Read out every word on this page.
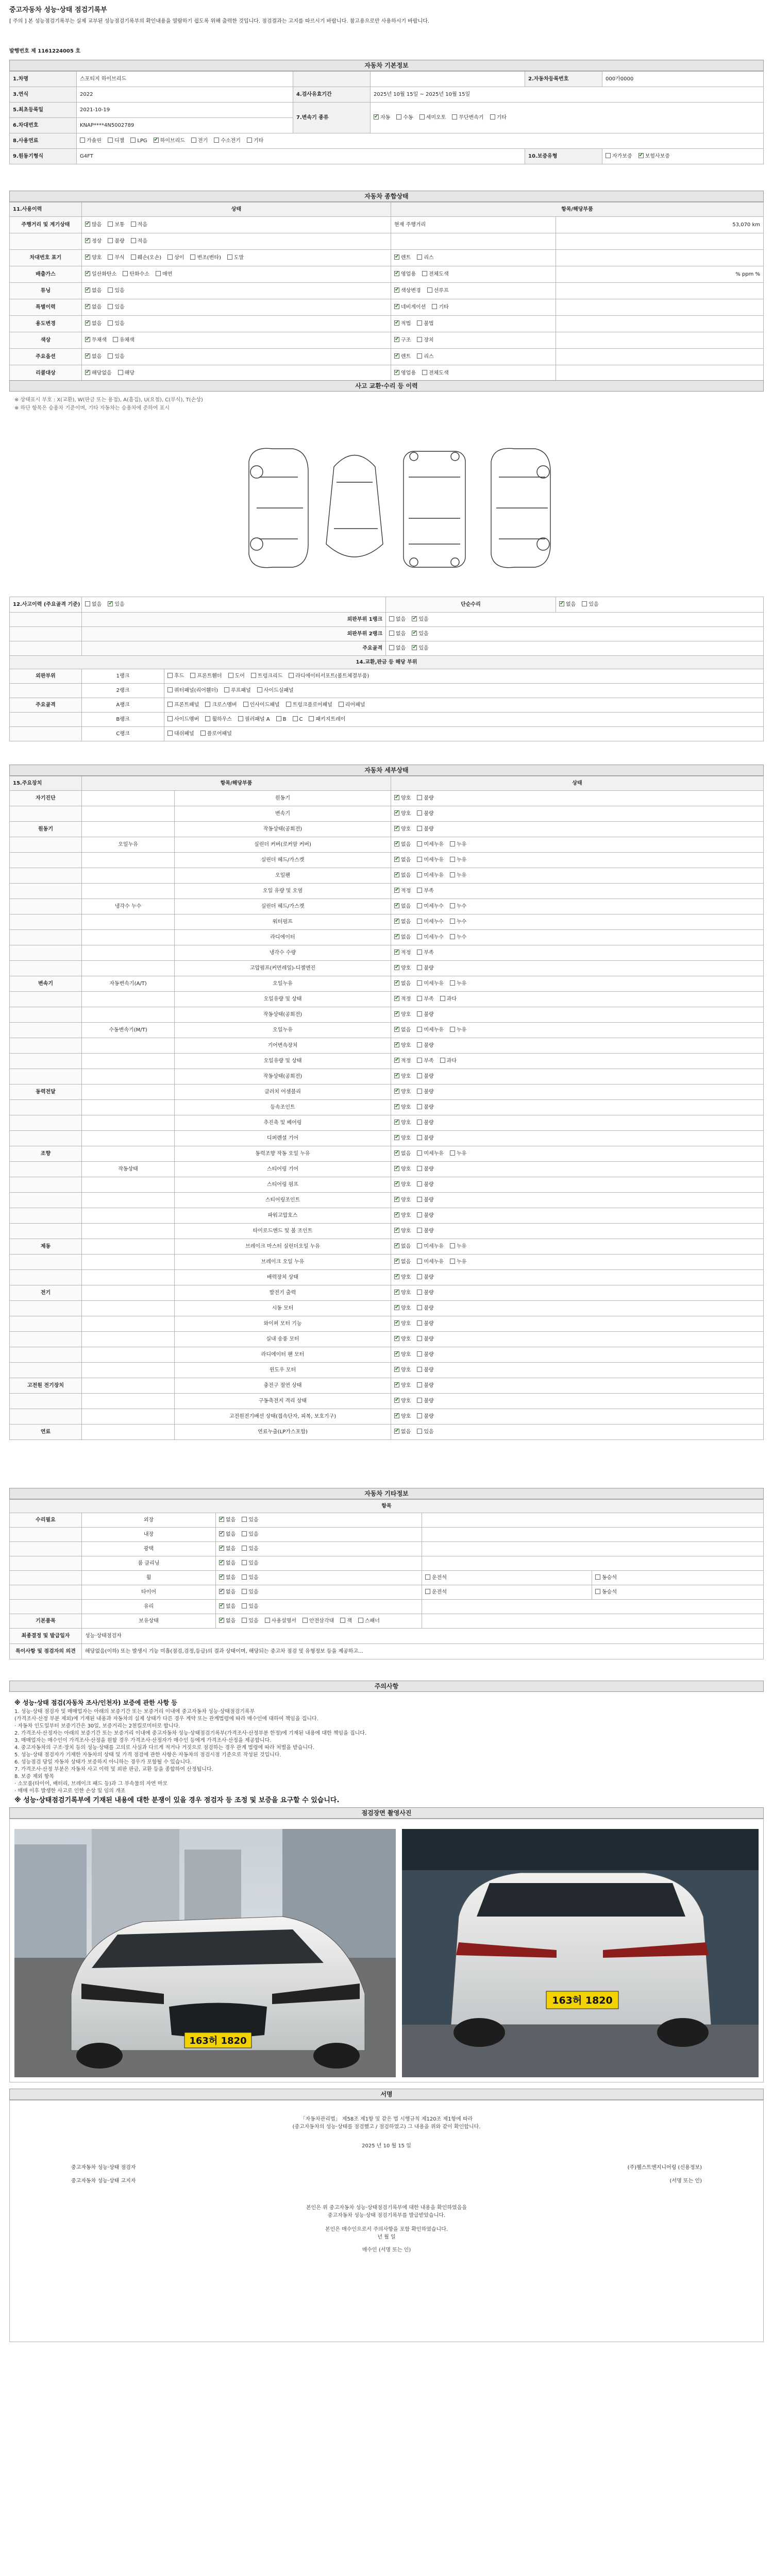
중고자동차 성능·상태 점검기록부
[ 주의 ] 본 성능점검기록부는 실제 교부된 성능점검기록부의 확인내용을 열람하기 쉽도록 위해 출력한 것입니다. 점검결과는 고지를 따르시기 바랍니다. 참고용으로만 사용하시기 바랍니다.
발행번호 제 1161224005 호
자동차 기본정보
1.차명	스포티지 하이브리드			2.자동차등록번호	000가0000
3.연식	2022	4.검사유효기간	2025년 10월 15일 ~ 2025년 10월 15일		
5.최초등록일	2021-10-19	7.변속기 종류	✔자동 수동 세미오토 무단변속기 기타
6.차대번호	KNAP****4N5002789				
8.사용연료	가솔린 디젤 LPG ✔ 하이브리드 전기 수소전기 기타
9.원동기형식	G4FT			10.보증유형	자가보증 ✔ 보험사보증
자동차 종합상태
11.사용이력	상태	항목/해당부품	
주행거리 및 계기상태	✔많음 보통 적음	현재 주행거리	53,070 km
	✔정상 불량 적음		
차대번호 표기	✔양호 부식 훼손(오손) 상이 변조(변타) 도말	✔렌트 리스	
배출가스	✔일산화탄소 탄화수소 매연	✔영업용 전체도색	% ppm %
튜닝	✔없음 있음	✔색상변경 선루프	
특별이력	✔없음 있음	✔네비게이션 기타	
용도변경	✔없음 있음	✔적법 불법	
색상	✔무채색 유채색	✔구조 장치	
주요옵션	✔없음 있음	✔렌트 리스	
리콜대상	✔해당없음 해당	✔영업용 전체도색	
사고 교환·수리 등 이력
※ 상태표시 부호 : X(교환), W(판금 또는 용접), A(흠집), U(요철), C(부식), T(손상)
※ 하단 항목은 승용차 기준이며, 기타 자동차는 승용차에 준하여 표시
12.사고이력 (주요골격 기준)	없음 ✔ 있음		단순수리	✔없음 있음
	외판부위 1랭크		없음 ✔ 있음
	외판부위 2랭크		없음 ✔ 있음
	주요골격		없음 ✔ 있음
14.교환,판금 등 해당 부위				
외판부위	1랭크	후드 프론트휀더 도어 트렁크리드 라디에이터서포트(볼트체결부품)		
	2랭크	쿼터패널(리어휀더) 루프패널 사이드실패널		
주요골격	A랭크	프론트패널 크로스멤버 인사이드패널 트렁크플로어패널 리어패널		
	B랭크	사이드멤버 휠하우스 필러패널 A B C 패키지트레이		
	C랭크	대쉬패널 플로어패널		
자동차 세부상태
15.주요장치	항목/해당부품		상태
자기진단		원동기	✔양호 불량
		변속기	✔양호 불량
원동기		작동상태(공회전)	✔양호 불량
	오일누유	실린더 커버(로커암 커버)	✔없음 미세누유 누유
		실린더 헤드/가스켓	✔없음 미세누유 누유
		오일팬	✔없음 미세누유 누유
		오일 유량 및 오염	✔적정 부족
	냉각수 누수	실린더 헤드/가스켓	✔없음 미세누수 누수
		워터펌프	✔없음 미세누수 누수
		라디에이터	✔없음 미세누수 누수
		냉각수 수량	✔적정 부족
		고압펌프(커먼레일)-디젤엔진	✔양호 불량
변속기	자동변속기(A/T)	오일누유	✔없음 미세누유 누유
		오일유량 및 상태	✔적정 부족 과다
		작동상태(공회전)	✔양호 불량
	수동변속기(M/T)	오일누유	✔없음 미세누유 누유
		기어변속장치	✔양호 불량
		오일유량 및 상태	✔적정 부족 과다
		작동상태(공회전)	✔양호 불량
동력전달		클러치 어셈블리	✔양호 불량
		등속조인트	✔양호 불량
		추진축 및 베어링	✔양호 불량
		디퍼렌셜 기어	✔양호 불량
조향		동력조향 작동 오일 누유	✔없음 미세누유 누유
	작동상태	스티어링 기어	✔양호 불량
		스티어링 펌프	✔양호 불량
		스티어링조인트	✔양호 불량
		파워고압호스	✔양호 불량
		타이로드엔드 및 볼 조인트	✔양호 불량
제동		브레이크 마스터 실린더오일 누유	✔없음 미세누유 누유
		브레이크 오일 누유	✔없음 미세누유 누유
		배력장치 상태	✔양호 불량
전기		발전기 출력	✔양호 불량
		시동 모터	✔양호 불량
		와이퍼 모터 기능	✔양호 불량
		실내 송풍 모터	✔양호 불량
		라디에이터 팬 모터	✔양호 불량
		윈도우 모터	✔양호 불량
고전원 전기장치		충전구 절연 상태	✔양호 불량
		구동축전지 격리 상태	✔양호 불량
		고전원전기배선 상태(접속단자, 피복, 보호기구)	✔양호 불량
연료		연료누출(LP가스포함)	✔없음 있음
자동차 기타정보
항목				
수리필요	외장	✔없음 있음	
	내장	✔없음 있음	
	광택	✔없음 있음	
	룸 클리닝	✔없음 있음	
	휠	✔없음 있음	운전석	동승석
	타이어	✔없음 있음	운전석	동승석
	유리	✔없음 있음	
기본품목	보유상태	✔없음 있음 사용설명서 안전삼각대 잭 스패너	
최종결정 및 발급일자	성능·상태점검자			
특이사항 및 점검자의 의견	해당없음(이하) 또는 발생시 기능 미흡(점검,검정,등급)의 결과 상태이며, 해당되는 중고차 점검 및 유형정보 등을 제공하고...			
주의사항
※ 성능·상태 점검(자동차 조사/인천자) 보증에 관한 사항 등
1. 성능·상태 점검자 및 매매업자는 아래의 보증기간 또는 보증거리 이내에 중고자동차 성능·상태점검기록부
(가격조사·산정 부분 제외)에 기재된 내용과 자동차의 실제 상태가 다른 경우 계약 또는 관계법령에 따라 매수인에 대하여 책임을 집니다.
· 자동차 인도일부터 보증기간은 30일, 보증거리는 2천킬로미터로 합니다.
2. 가격조사·산정자는 아래의 보증기간 또는 보증거리 이내에 중고자동차 성능·상태점검기록부(가격조사·산정부분 한정)에 기재된 내용에 대한 책임을 집니다.
3. 매매업자는 매수인이 가격조사·산정을 원할 경우 가격조사·산정자가 매수인 등에게 가격조사·산정을 제공합니다.
4. 중고자동차의 구조·장치 등의 성능·상태를 고의로 사실과 다르게 적거나 거짓으로 점검하는 경우 관계 법령에 따라 처벌을 받습니다.
5. 성능·상태 점검자가 기재한 자동차의 상태 및 가격 점검에 관한 사항은 자동차의 점검시점 기준으로 작성된 것입니다.
6. 성능점검 당일 자동차 상태가 보증하지 아니하는 경우가 포함될 수 있습니다.
7. 가격조사·산정 부분은 자동차 사고 이력 및 외판 판금, 교환 등을 종합하여 산정됩니다.
8. 보증 제외 항목
· 소모품(타이어, 배터리, 브레이크 패드 등)과 그 부속물의 자연 마모
· 매매 이후 발생한 사고로 인한 손상 및 임의 개조
※ 성능·상태점검기록부에 기재된 내용에 대한 분쟁이 있을 경우 점검자 등 조정 및 보증을 요구할 수 있습니다.
점검장면 촬영사진
163허 1820
163허 1820
서명
「자동차관리법」 제58조 제1항 및 같은 법 시행규칙 제120조 제1항에 따라
(중고자동차의 성능·상태를 점검했고 / 점검하였고) 그 내용을 위와 같이 확인합니다.
2025 년 10 월 15 일
중고자동차 성능·상태 점검자	(주)웰스트엔지니어링 (신용정보)
중고자동차 성능·상태 고지자	(서명 또는 인)
본인은 위 중고자동차 성능·상태점검기록부에 대한 내용을 확인하였음을
중고자동차 성능·상태 점검기록부를 발급받았습니다.
본인은 매수인으로서 주의사항을 포함 확인하였습니다.
년 월 일
매수인 (서명 또는 인)
